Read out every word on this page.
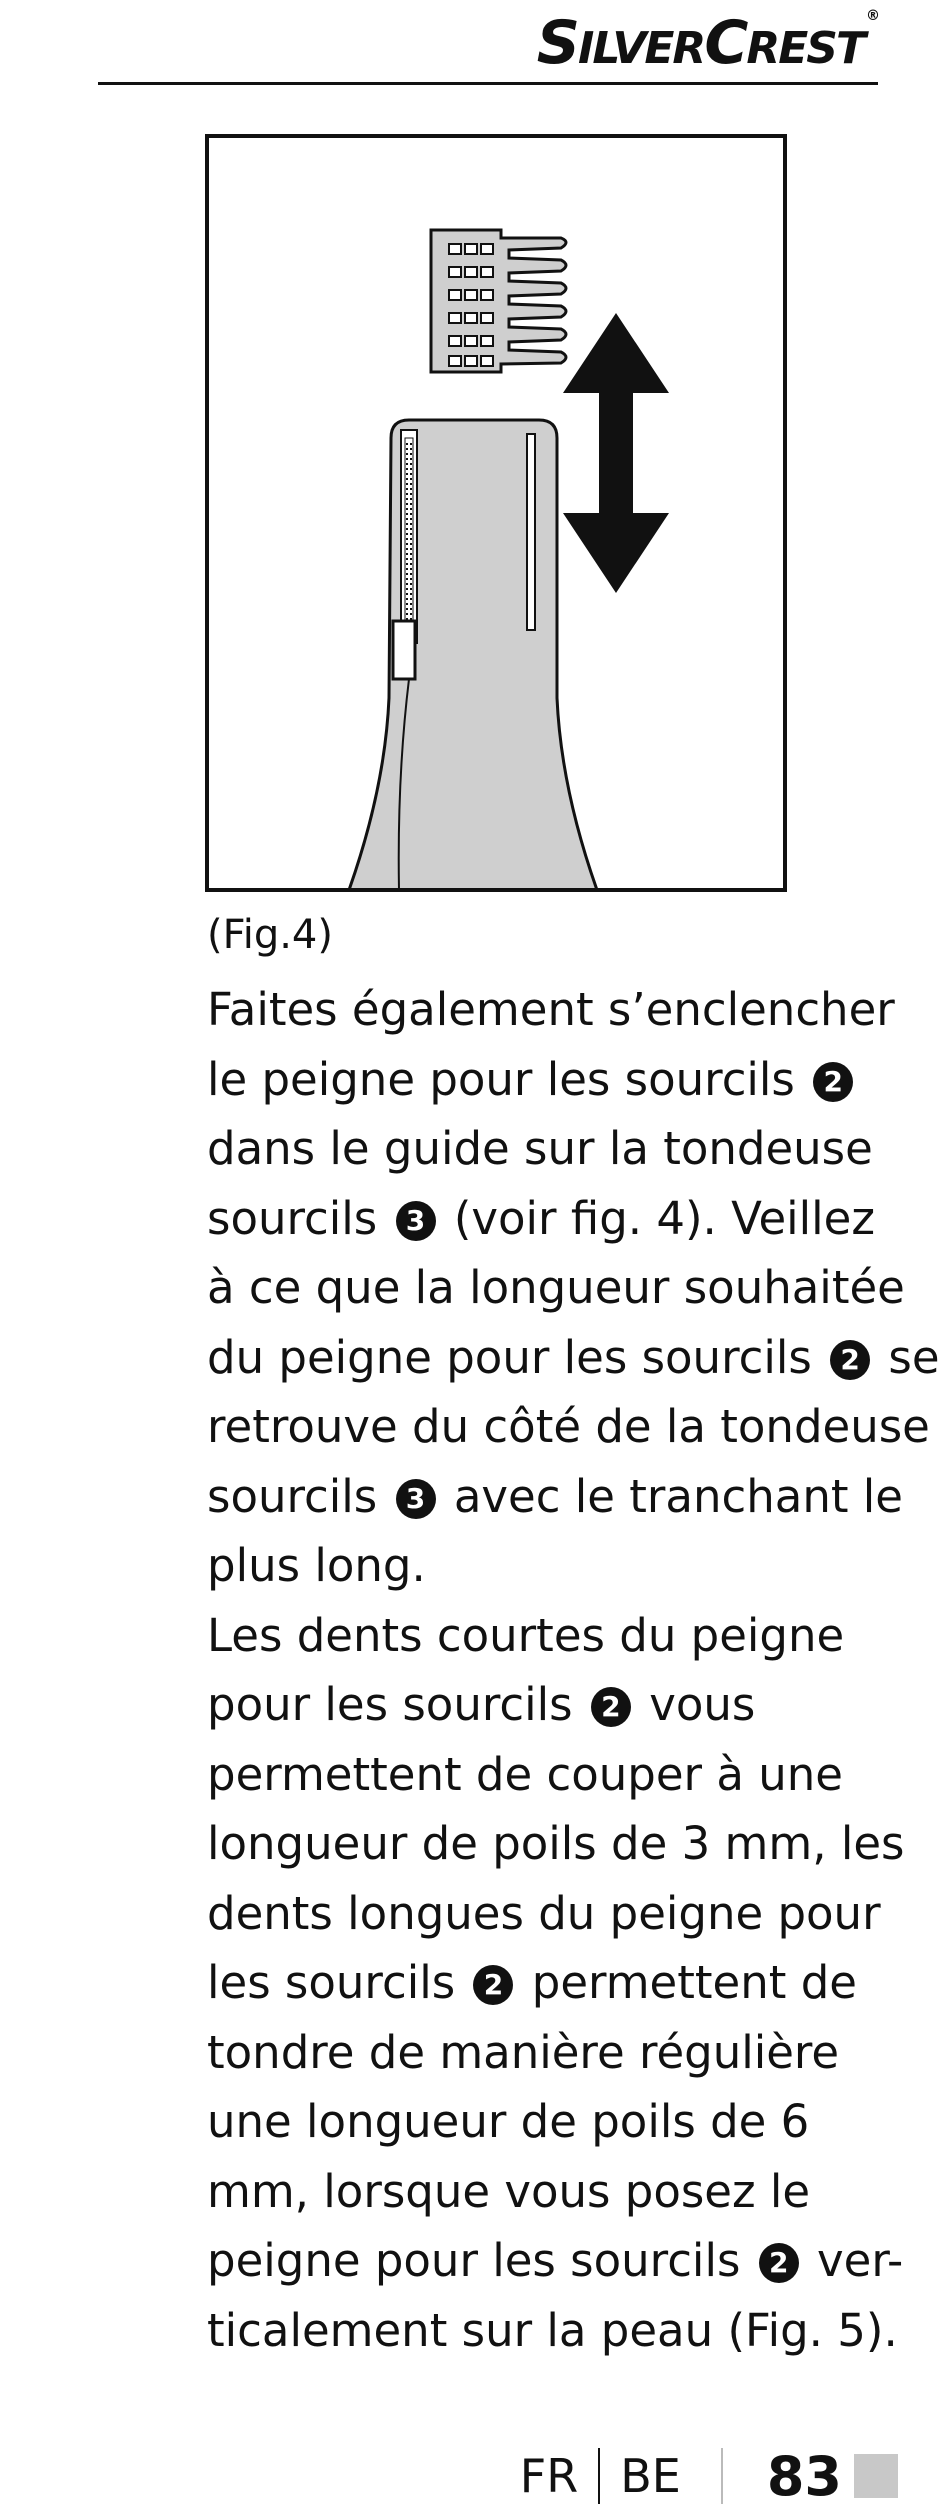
SILVERCREST®
(Fig.4)
Faites également s’enclencher
le peigne pour les sourcils 2
dans le guide sur la tondeuse
sourcils 3 (voir fig. 4). Veillez
à ce que la longueur souhaitée
du peigne pour les sourcils 2 se
retrouve du côté de la tondeuse
sourcils 3 avec le tranchant le
plus long.
Les dents courtes du peigne
pour les sourcils 2 vous
permettent de couper à une
longueur de poils de 3 mm, les
dents longues du peigne pour
les sourcils 2 permettent de
tondre de manière régulière
une longueur de poils de 6
mm, lorsque vous posez le
peigne pour les sourcils 2 ver-
ticalement sur la peau (Fig. 5).
FR BE 83
